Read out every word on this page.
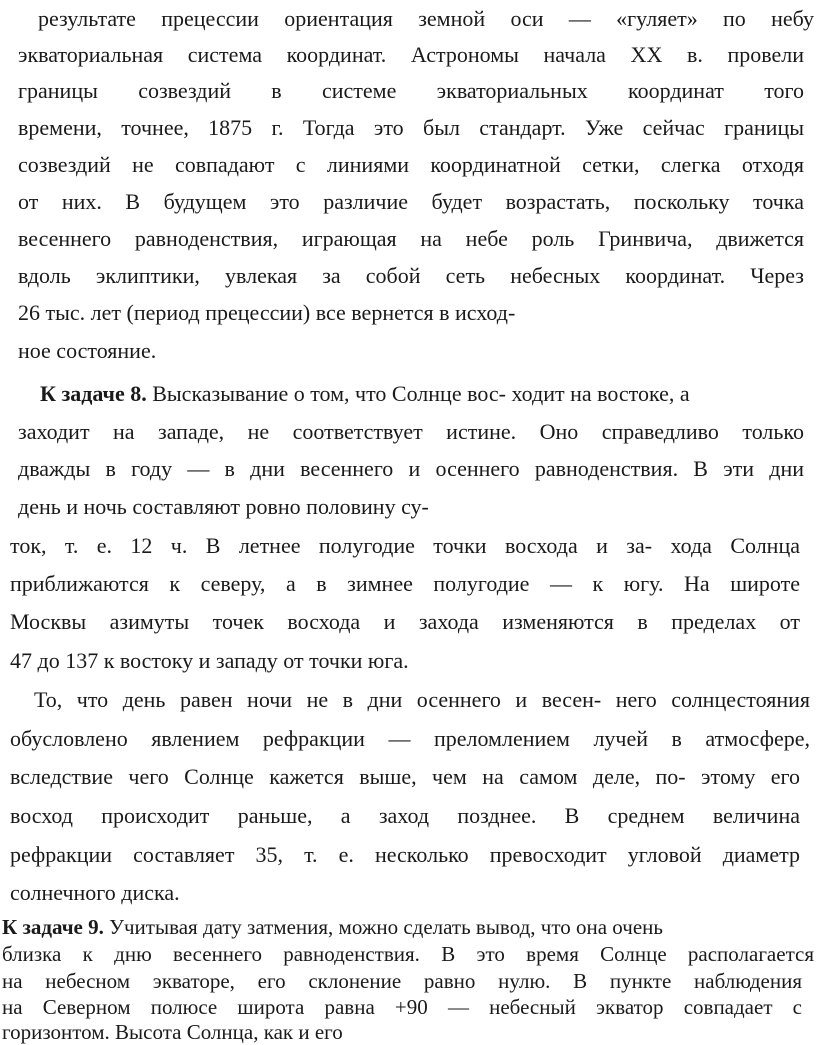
результате прецессии ориентация земной оси — «гуляет» по небу

экваториальная система координат. Астрономы начала XX в. провели

границы созвездий в системе экваториальных координат того

времени, точнее, 1875 г. Тогда это был стандарт. Уже сейчас границы

созвездий не совпадают с линиями координатной сетки, слегка отходя

от них. В будущем это различие будет возрастать, поскольку точка

весеннего равноденствия, играющая на небе роль Гринвича, движется

вдоль эклиптики, увлекая за собой сеть небесных координат. Через

26 тыс. лет (период прецессии) все вернется в исход-

ное состояние.

К задаче 8. Высказывание о том, что Солнце вос- ходит на востоке, а

заходит на западе, не соответствует истине. Оно справедливо только

дважды в году — в дни весеннего и осеннего равноденствия. В эти дни

день и ночь составляют ровно половину су-

ток, т. е. 12 ч. В летнее полугодие точки восхода и за- хода Солнца

приближаются к северу, а в зимнее полугодие — к югу. На широте

Москвы азимуты точек восхода и захода изменяются в пределах от

47 до 137 к востоку и западу от точки юга.

То, что день равен ночи не в дни осеннего и весен- него солнцестояния

обусловлено явлением рефракции — преломлением лучей в атмосфере,

вследствие чего Солнце кажется выше, чем на самом деле, по- этому его

восход происходит раньше, а заход позднее. В среднем величина

рефракции составляет 35, т. е. несколько превосходит угловой диаметр

солнечного диска.

К задаче 9. Учитывая дату затмения, можно сделать вывод, что она очень

близка к дню весеннего равноденствия. В это время Солнце располагается

на небесном экваторе, его склонение равно нулю. В пункте наблюдения

на Северном полюсе широта равна +90 — небесный экватор совпадает с

горизонтом. Высота Солнца, как и его
